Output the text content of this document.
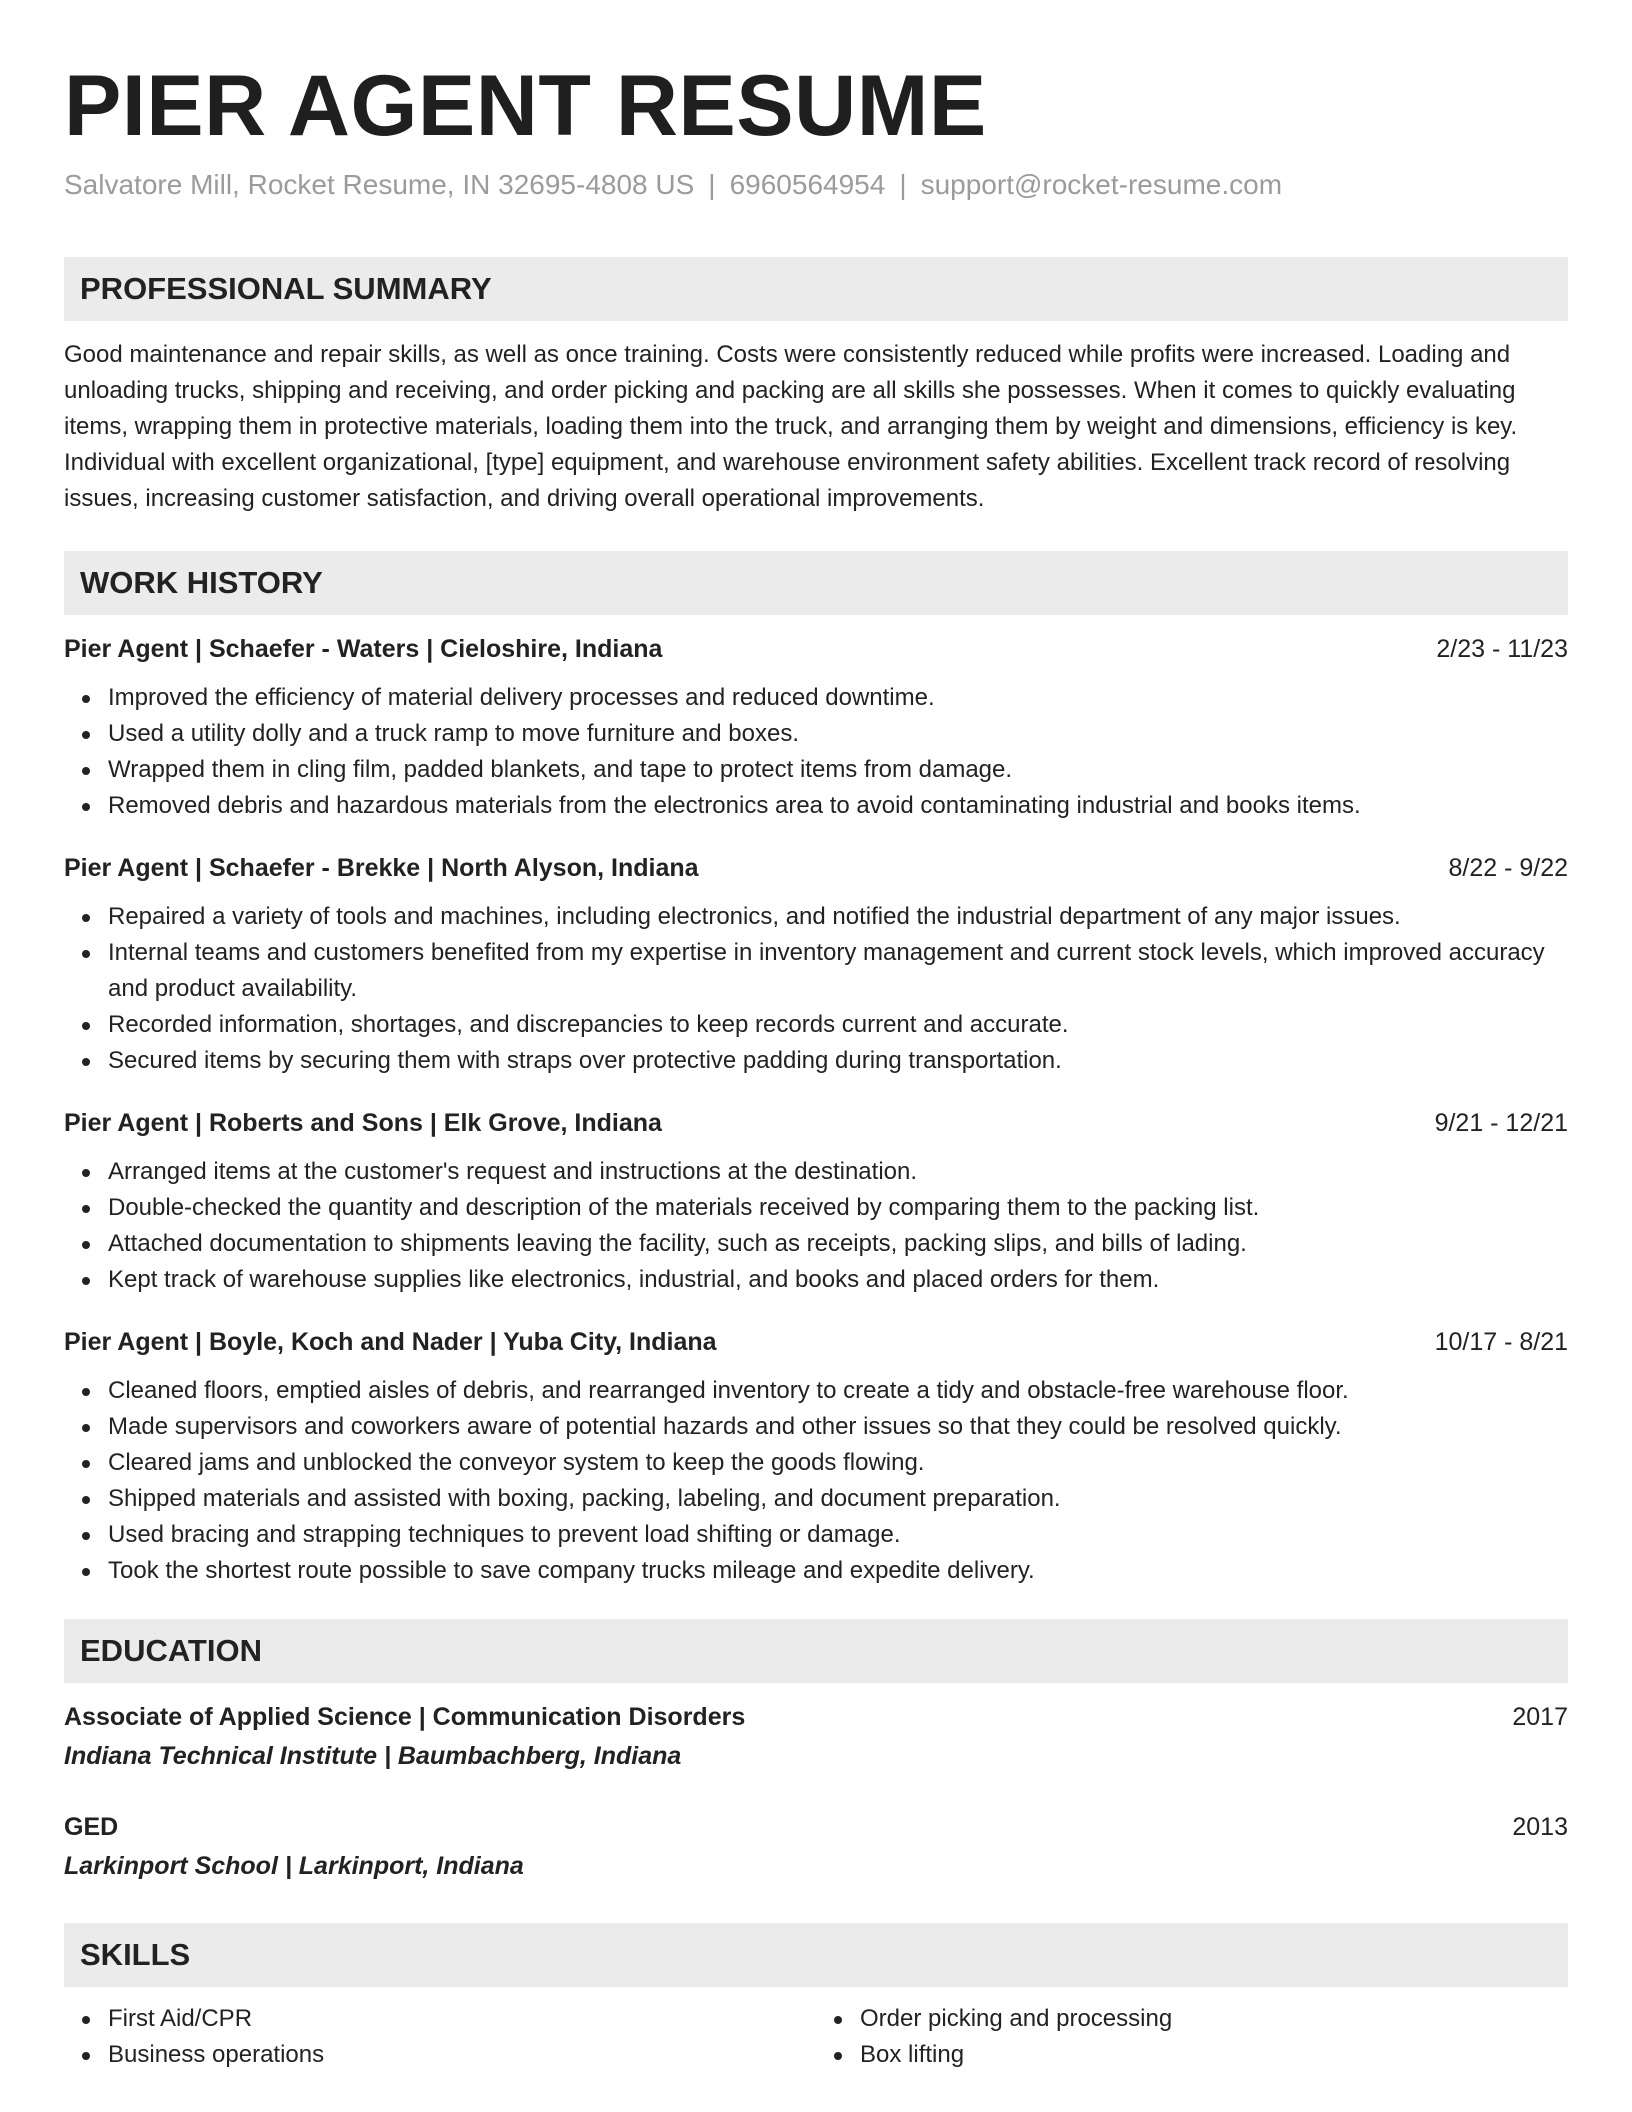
PIER AGENT RESUME
Salvatore Mill, Rocket Resume, IN 32695-4808 US | 6960564954 | support@rocket-resume.com
PROFESSIONAL SUMMARY
Good maintenance and repair skills, as well as once training. Costs were consistently reduced while profits were increased. Loading and unloading trucks, shipping and receiving, and order picking and packing are all skills she possesses. When it comes to quickly evaluating items, wrapping them in protective materials, loading them into the truck, and arranging them by weight and dimensions, efficiency is key. Individual with excellent organizational, [type] equipment, and warehouse environment safety abilities. Excellent track record of resolving issues, increasing customer satisfaction, and driving overall operational improvements.
WORK HISTORY
Pier Agent | Schaefer - Waters | Cieloshire, Indiana	2/23 - 11/23
Improved the efficiency of material delivery processes and reduced downtime.
Used a utility dolly and a truck ramp to move furniture and boxes.
Wrapped them in cling film, padded blankets, and tape to protect items from damage.
Removed debris and hazardous materials from the electronics area to avoid contaminating industrial and books items.
Pier Agent | Schaefer - Brekke | North Alyson, Indiana	8/22 - 9/22
Repaired a variety of tools and machines, including electronics, and notified the industrial department of any major issues.
Internal teams and customers benefited from my expertise in inventory management and current stock levels, which improved accuracy and product availability.
Recorded information, shortages, and discrepancies to keep records current and accurate.
Secured items by securing them with straps over protective padding during transportation.
Pier Agent | Roberts and Sons | Elk Grove, Indiana	9/21 - 12/21
Arranged items at the customer's request and instructions at the destination.
Double-checked the quantity and description of the materials received by comparing them to the packing list.
Attached documentation to shipments leaving the facility, such as receipts, packing slips, and bills of lading.
Kept track of warehouse supplies like electronics, industrial, and books and placed orders for them.
Pier Agent | Boyle, Koch and Nader | Yuba City, Indiana	10/17 - 8/21
Cleaned floors, emptied aisles of debris, and rearranged inventory to create a tidy and obstacle-free warehouse floor.
Made supervisors and coworkers aware of potential hazards and other issues so that they could be resolved quickly.
Cleared jams and unblocked the conveyor system to keep the goods flowing.
Shipped materials and assisted with boxing, packing, labeling, and document preparation.
Used bracing and strapping techniques to prevent load shifting or damage.
Took the shortest route possible to save company trucks mileage and expedite delivery.
EDUCATION
Associate of Applied Science | Communication Disorders	2017
Indiana Technical Institute | Baumbachberg, Indiana
GED	2013
Larkinport School | Larkinport, Indiana
SKILLS
First Aid/CPR
Business operations
Order picking and processing
Box lifting
